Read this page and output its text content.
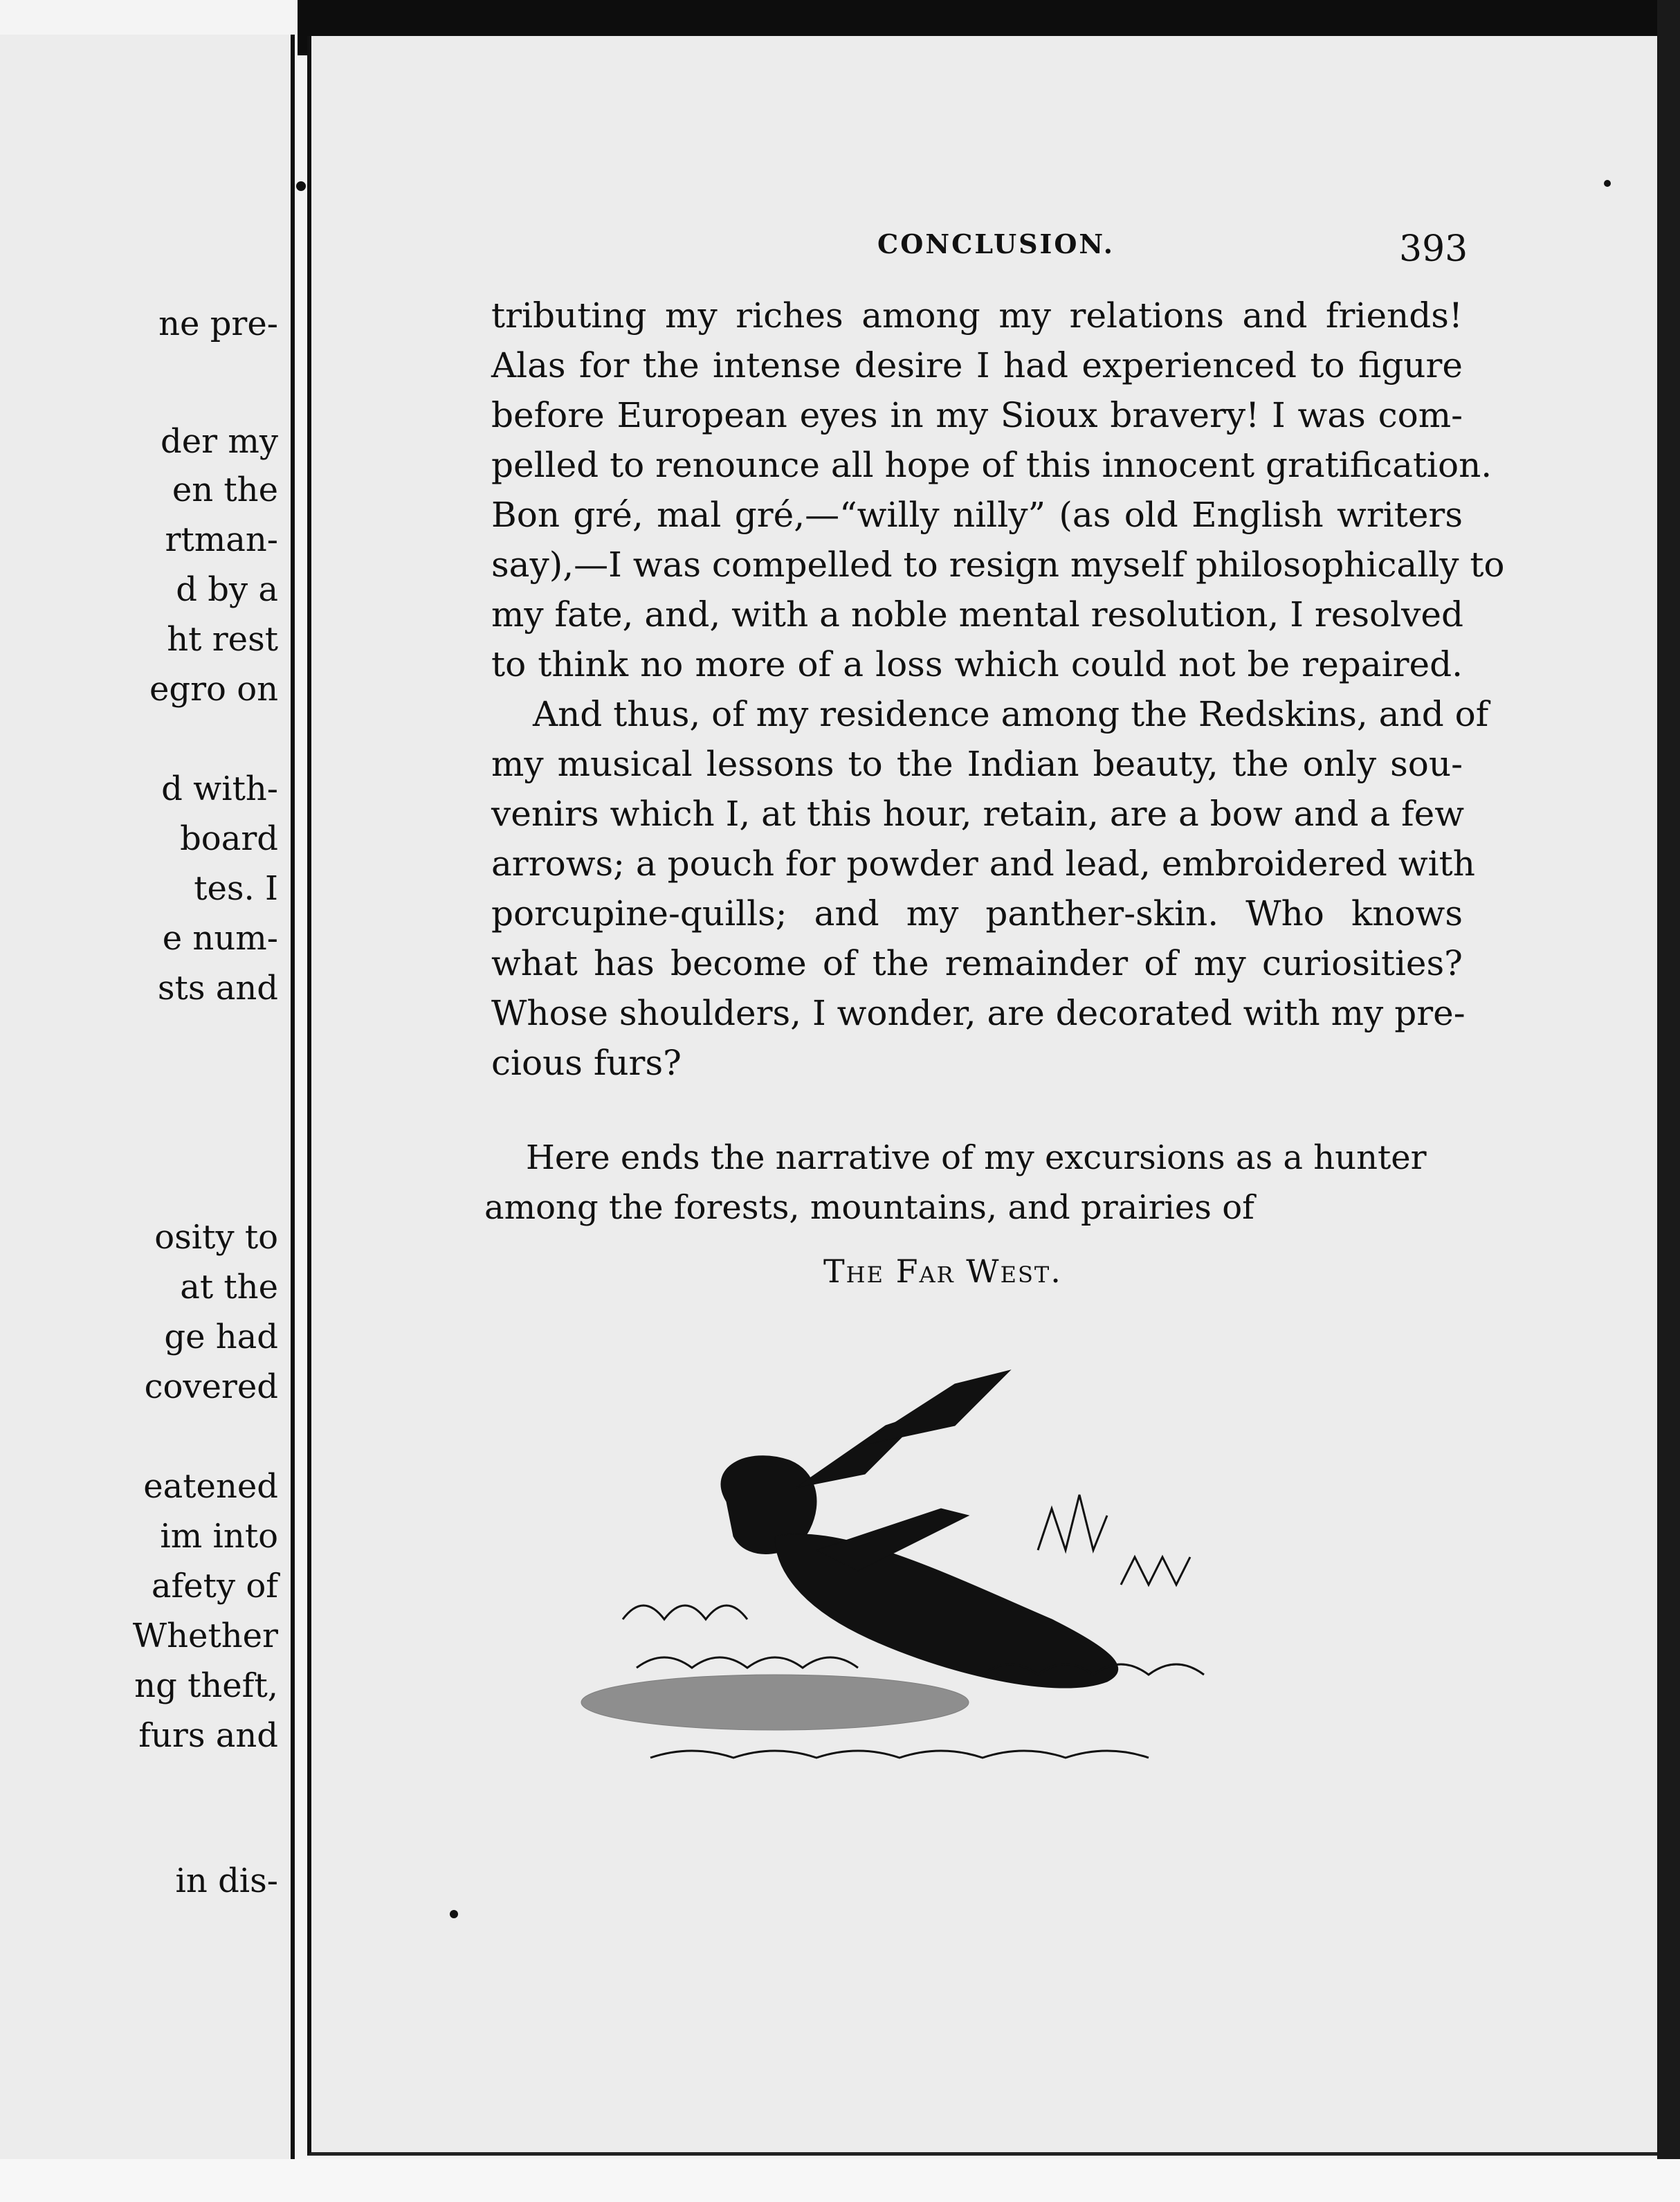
ne pre-
der my
en the
rtman-
d by a
ht rest
egro on
d with-
board
tes. I
e num-
sts and
osity to
at the
ge had
covered
eatened
im into
afety of
Whether
ng theft,
furs and
in dis-
CONCLUSION.	393
tributing my riches among my relations and friends!
Alas for the intense desire I had experienced to figure
before European eyes in my Sioux bravery! I was com-
pelled to renounce all hope of this innocent gratification.
Bon gré, mal gré,—“willy nilly” (as old English writers
say),—I was compelled to resign myself philosophically to
my fate, and, with a noble mental resolution, I resolved
to think no more of a loss which could not be repaired.
And thus, of my residence among the Redskins, and of
my musical lessons to the Indian beauty, the only sou-
venirs which I, at this hour, retain, are a bow and a few
arrows; a pouch for powder and lead, embroidered with
porcupine-quills; and my panther-skin. Who knows
what has become of the remainder of my curiosities?
Whose shoulders, I wonder, are decorated with my pre-
cious furs?
Here ends the narrative of my excursions as a hunter
among the forests, mountains, and prairies of
The Far West.
